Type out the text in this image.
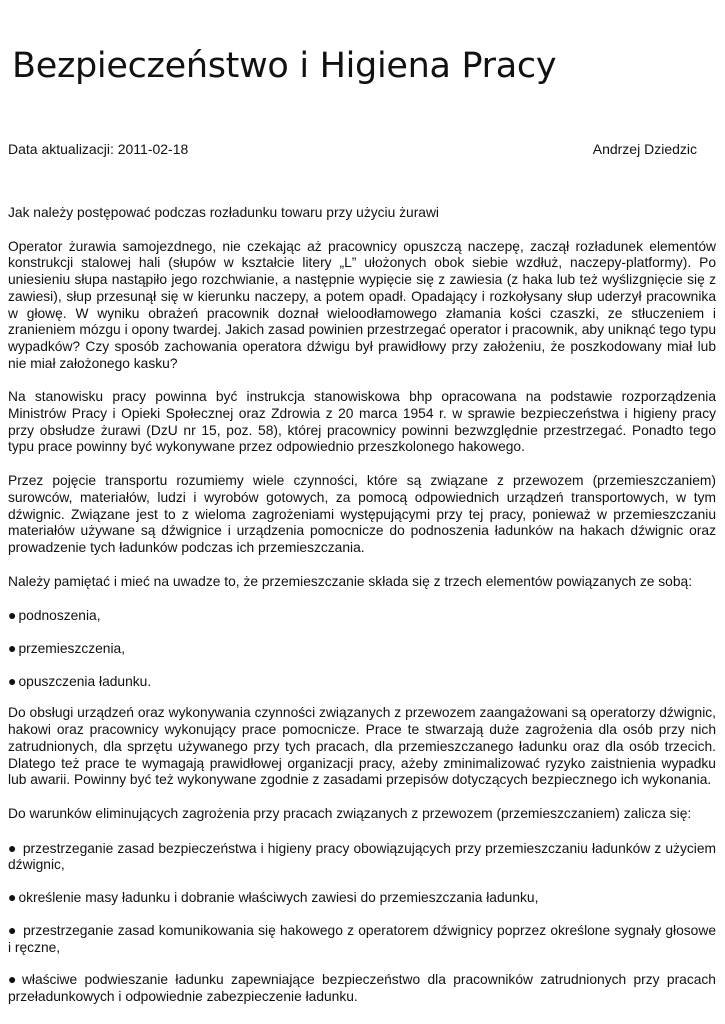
Bezpieczeństwo i Higiena Pracy
Data aktualizacji: 2011-02-18	Andrzej Dziedzic

Jak należy postępować podczas rozładunku towaru przy użyciu żurawi

Operator żurawia samojezdnego, nie czekając aż pracownicy opuszczą naczepę, zaczął rozładunek elementów konstrukcji stalowej hali (słupów w kształcie litery „L” ułożonych obok siebie wzdłuż, naczepy-platformy). Po uniesieniu słupa nastąpiło jego rozchwianie, a następnie wypięcie się z zawiesia (z haka lub też wyślizgnięcie się z zawiesi), słup przesunął się w kierunku naczepy, a potem opadł. Opadający i rozkołysany słup uderzył pracownika w głowę. W wyniku obrażeń pracownik doznał wieloodłamowego złamania kości czaszki, ze stłuczeniem i zranieniem mózgu i opony twardej. Jakich zasad powinien przestrzegać operator i pracownik, aby uniknąć tego typu wypadków? Czy sposób zachowania operatora dźwigu był prawidłowy przy założeniu, że poszkodowany miał lub nie miał założonego kasku?

Na stanowisku pracy powinna być instrukcja stanowiskowa bhp opracowana na podstawie rozporządzenia Ministrów Pracy i Opieki Społecznej oraz Zdrowia z 20 marca 1954 r. w sprawie bezpieczeństwa i higieny pracy przy obsłudze żurawi (DzU nr 15, poz. 58), której pracownicy powinni bezwzględnie przestrzegać. Ponadto tego typu prace powinny być wykonywane przez odpowiednio przeszkolonego hakowego.

Przez pojęcie transportu rozumiemy wiele czynności, które są związane z przewozem (przemieszczaniem) surowców, materiałów, ludzi i wyrobów gotowych, za pomocą odpowiednich urządzeń transportowych, w tym dźwignic. Związane jest to z wieloma zagrożeniami występującymi przy tej pracy, ponieważ w przemieszczaniu materiałów używane są dźwignice i urządzenia pomocnicze do podnoszenia ładunków na hakach dźwignic oraz prowadzenie tych ładunków podczas ich przemieszczania.

Należy pamiętać i mieć na uwadze to, że przemieszczanie składa się z trzech elementów powiązanych ze sobą:

● podnoszenia,

● przemieszczenia,

● opuszczenia ładunku.

Do obsługi urządzeń oraz wykonywania czynności związanych z przewozem zaangażowani są operatorzy dźwignic, hakowi oraz pracownicy wykonujący prace pomocnicze. Prace te stwarzają duże zagrożenia dla osób przy nich zatrudnionych, dla sprzętu używanego przy tych pracach, dla przemieszczanego ładunku oraz dla osób trzecich. Dlatego też prace te wymagają prawidłowej organizacji pracy, ażeby zminimalizować ryzyko zaistnienia wypadku lub awarii. Powinny być też wykonywane zgodnie z zasadami przepisów dotyczących bezpiecznego ich wykonania.

Do warunków eliminujących zagrożenia przy pracach związanych z przewozem (przemieszczaniem) zalicza się:

● przestrzeganie zasad bezpieczeństwa i higieny pracy obowiązujących przy przemieszczaniu ładunków z użyciem dźwignic,

● określenie masy ładunku i dobranie właściwych zawiesi do przemieszczania ładunku,

● przestrzeganie zasad komunikowania się hakowego z operatorem dźwignicy poprzez określone sygnały głosowe i ręczne,

● właściwe podwieszanie ładunku zapewniające bezpieczeństwo dla pracowników zatrudnionych przy pracach przeładunkowych i odpowiednie zabezpieczenie ładunku.
